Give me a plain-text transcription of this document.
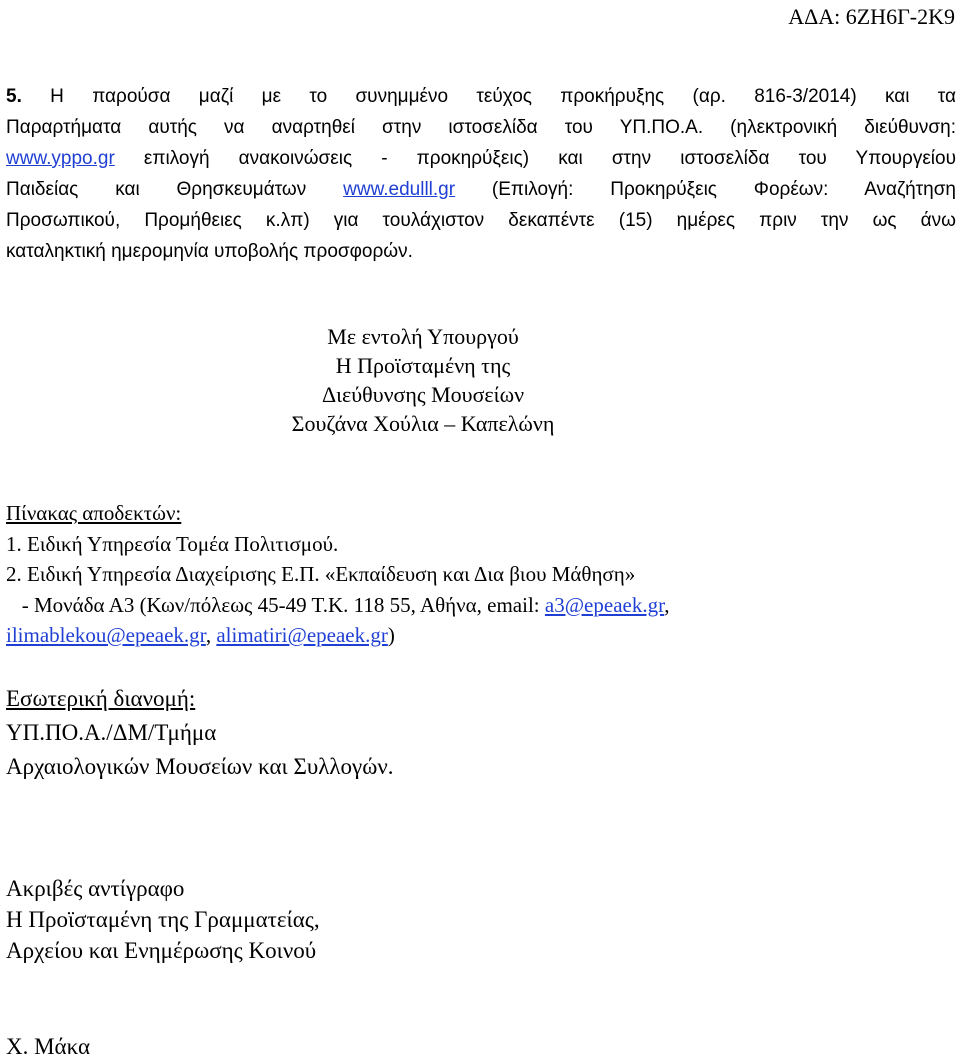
ΑΔΑ: 6ΖΗ6Γ-2Κ9
5. Η παρούσα μαζί με το συνημμένο τεύχος προκήρυξης (αρ. 816-3/2014) και τα
Παραρτήματα αυτής να αναρτηθεί στην ιστοσελίδα του ΥΠ.ΠΟ.Α. (ηλεκτρονική διεύθυνση:
www.yppo.gr επιλογή ανακοινώσεις - προκηρύξεις) και στην ιστοσελίδα του Υπουργείου
Παιδείας και Θρησκευμάτων www.edulll.gr (Επιλογή: Προκηρύξεις Φορέων: Αναζήτηση
Προσωπικού, Προμήθειες κ.λπ) για τουλάχιστον δεκαπέντε (15) ημέρες πριν την ως άνω
καταληκτική ημερομηνία υποβολής προσφορών.
Με εντολή Υπουργού
Η Προϊσταμένη της
Διεύθυνσης Μουσείων
Σουζάνα Χούλια – Καπελώνη
Πίνακας αποδεκτών:
1. Ειδική Υπηρεσία Τομέα Πολιτισμού.
2. Ειδική Υπηρεσία Διαχείρισης Ε.Π. «Εκπαίδευση και Δια βιου Μάθηση»
- Μονάδα Α3 (Κων/πόλεως 45-49 Τ.Κ. 118 55, Αθήνα, email: a3@epeaek.gr,
ilimablekou@epeaek.gr, alimatiri@epeaek.gr)
Εσωτερική διανομή:
ΥΠ.ΠΟ.Α./ΔΜ/Τμήμα
Αρχαιολογικών Μουσείων και Συλλογών.
Ακριβές αντίγραφο
Η Προϊσταμένη της Γραμματείας,
Αρχείου και Ενημέρωσης Κοινού
Χ. Μάκα
